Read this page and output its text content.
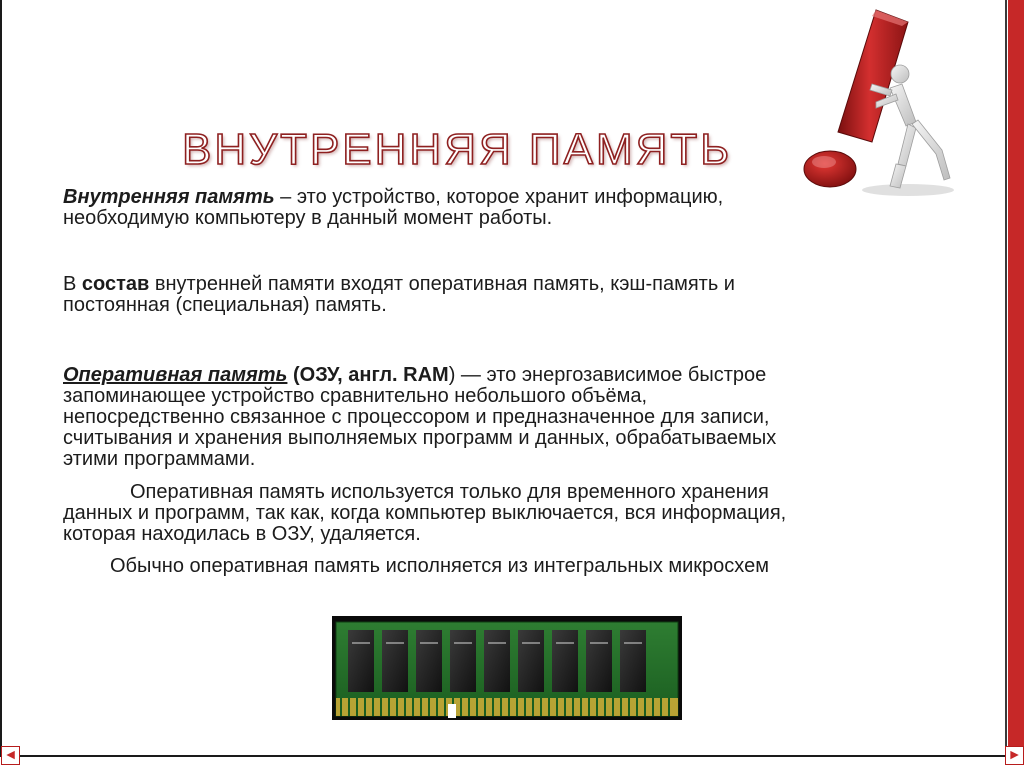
ВНУТРЕННЯЯ ПАМЯТЬ
Внутренняя память – это устройство, которое хранит информацию,
необходимую компьютеру в данный момент работы.
В состав внутренней памяти входят оперативная память, кэш-память и
постоянная (специальная) память.
Оперативная память (ОЗУ, англ. RAM) — это энергозависимое быстрое
запоминающее устройство сравнительно небольшого объёма,
непосредственно связанное с процессором и предназначенное для записи,
считывания и хранения выполняемых программ и данных, обрабатываемых
этими программами.
Оперативная память используется только для временного хранения
данных и программ, так как, когда компьютер выключается, вся информация,
которая находилась в ОЗУ, удаляется.
Обычно оперативная память исполняется из интегральных микросхем
◄	►
